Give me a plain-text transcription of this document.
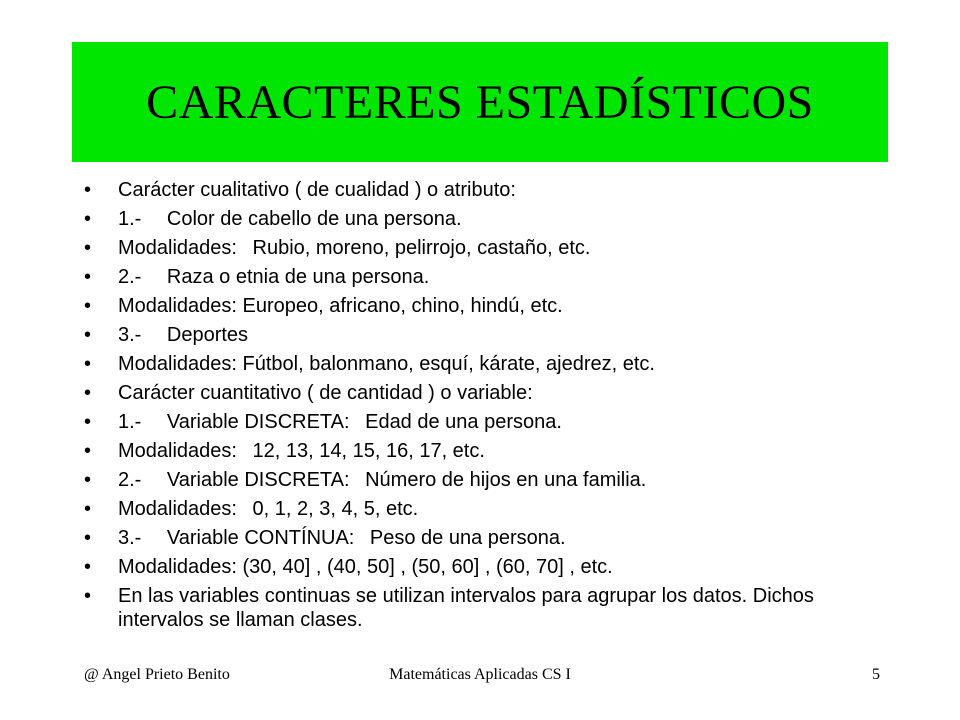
CARACTERES ESTADÍSTICOS
• Carácter cualitativo ( de cualidad ) o atributo:
• 1.-  Color de cabello de una persona.
• Modalidades:  Rubio, moreno, pelirrojo, castaño, etc.
• 2.-  Raza o etnia de una persona.
• Modalidades: Europeo, africano, chino, hindú, etc.
• 3.-  Deportes
• Modalidades: Fútbol, balonmano, esquí, kárate, ajedrez, etc.
• Carácter cuantitativo ( de cantidad ) o variable:
• 1.-  Variable DISCRETA:  Edad de una persona.
• Modalidades:  12, 13, 14, 15, 16, 17, etc.
• 2.-  Variable DISCRETA:  Número de hijos en una familia.
• Modalidades:  0, 1, 2, 3, 4, 5, etc.
• 3.-  Variable CONTÍNUA:  Peso de una persona.
• Modalidades: (30, 40] , (40, 50] , (50, 60] , (60, 70] , etc.
• En las variables continuas se utilizan intervalos para agrupar los datos. Dichos intervalos se llaman clases.
@ Angel Prieto Benito	Matemáticas Aplicadas CS I	5
